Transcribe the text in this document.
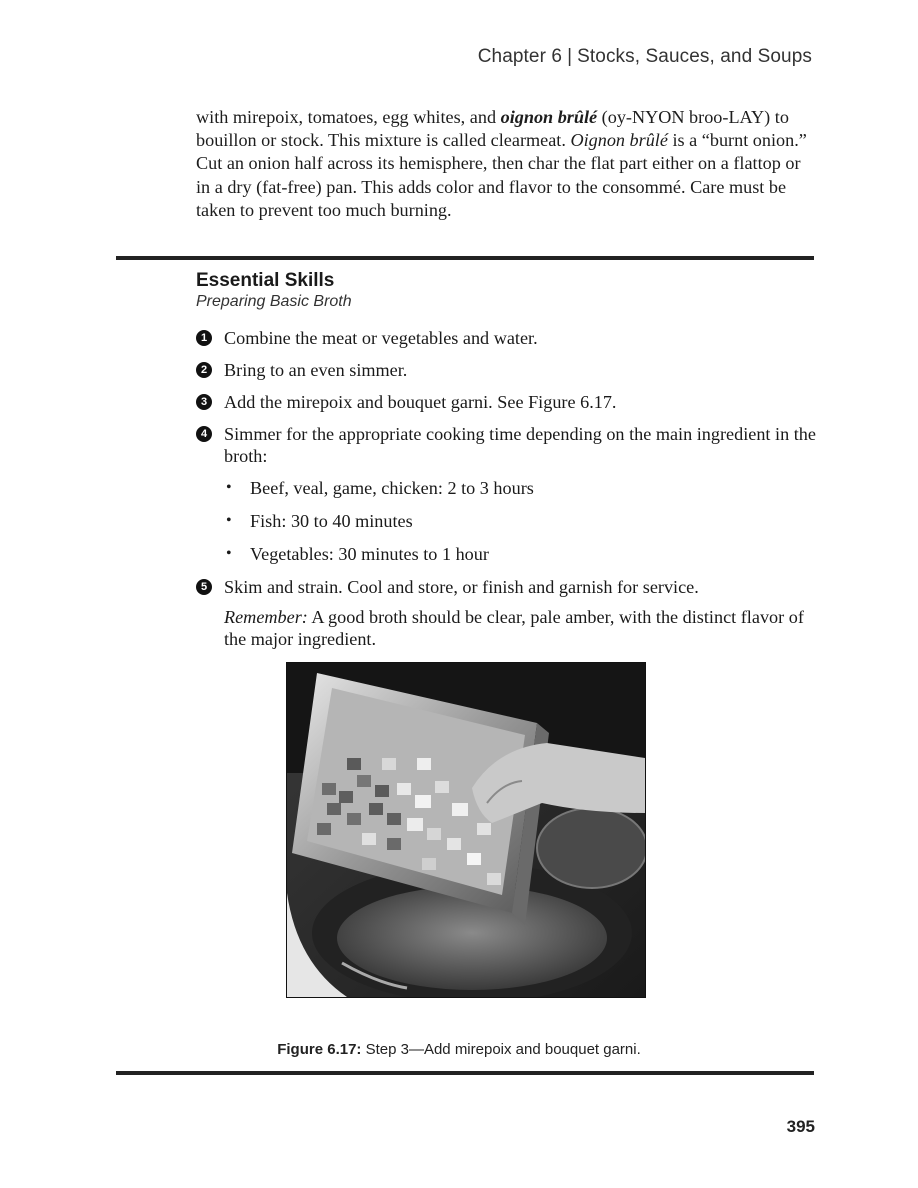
Chapter 6 | Stocks, Sauces, and Soups
with mirepoix, tomatoes, egg whites, and oignon brûlé (oy-NYON broo-LAY) to bouillon or stock. This mixture is called clearmeat. Oignon brûlé is a “burnt onion.” Cut an onion half across its hemisphere, then char the flat part either on a flattop or in a dry (fat-free) pan. This adds color and flavor to the consommé. Care must be taken to prevent too much burning.
Essential Skills
Preparing Basic Broth
1 Combine the meat or vegetables and water.
2 Bring to an even simmer.
3 Add the mirepoix and bouquet garni. See Figure 6.17.
4 Simmer for the appropriate cooking time depending on the main ingredient in the broth:
• Beef, veal, game, chicken: 2 to 3 hours
• Fish: 30 to 40 minutes
• Vegetables: 30 minutes to 1 hour
5 Skim and strain. Cool and store, or finish and garnish for service.
Remember: A good broth should be clear, pale amber, with the distinct flavor of the major ingredient.
Figure 6.17: Step 3—Add mirepoix and bouquet garni.
395
